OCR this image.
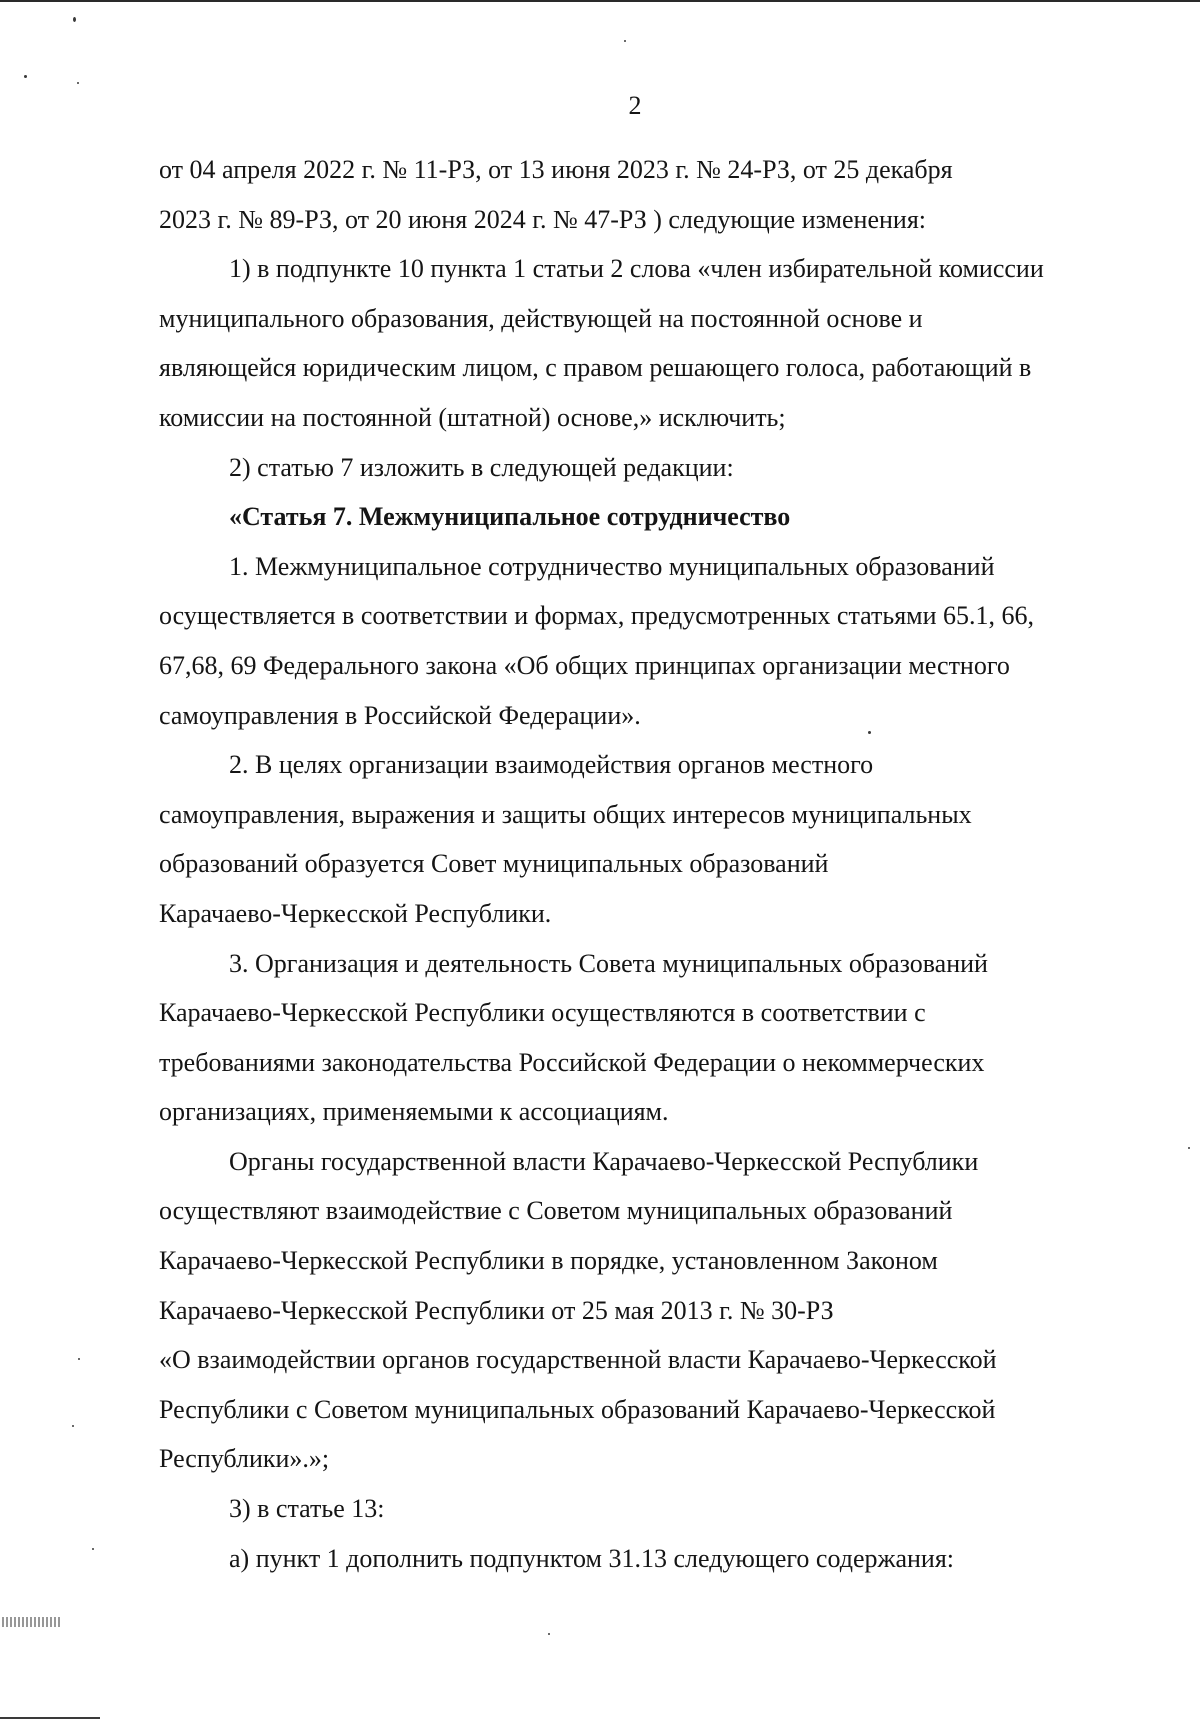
2

от 04 апреля 2022 г. № 11-РЗ, от 13 июня 2023 г. № 24-РЗ, от 25 декабря
2023 г. № 89-РЗ, от 20 июня 2024 г. № 47-РЗ ) следующие изменения:

1) в подпункте 10 пункта 1 статьи 2 слова «член избирательной комиссии
муниципального образования, действующей на постоянной основе и
являющейся юридическим лицом, с правом решающего голоса, работающий в
комиссии на постоянной (штатной) основе,» исключить;

2) статью 7 изложить в следующей редакции:

«Статья 7. Межмуниципальное сотрудничество

1. Межмуниципальное сотрудничество муниципальных образований
осуществляется в соответствии и формах, предусмотренных статьями 65.1, 66,
67,68, 69 Федерального закона «Об общих принципах организации местного
самоуправления в Российской Федерации».

2. В целях организации взаимодействия органов местного
самоуправления, выражения и защиты общих интересов муниципальных
образований образуется Совет муниципальных образований
Карачаево-Черкесской Республики.

3. Организация и деятельность Совета муниципальных образований
Карачаево-Черкесской Республики осуществляются в соответствии с
требованиями законодательства Российской Федерации о некоммерческих
организациях, применяемыми к ассоциациям.

Органы государственной власти Карачаево-Черкесской Республики
осуществляют взаимодействие с Советом муниципальных образований
Карачаево-Черкесской Республики в порядке, установленном Законом
Карачаево-Черкесской Республики от 25 мая 2013 г. № 30-РЗ
«О взаимодействии органов государственной власти Карачаево-Черкесской
Республики с Советом муниципальных образований Карачаево-Черкесской
Республики».»;

3) в статье 13:

а) пункт 1 дополнить подпунктом 31.13 следующего содержания:
